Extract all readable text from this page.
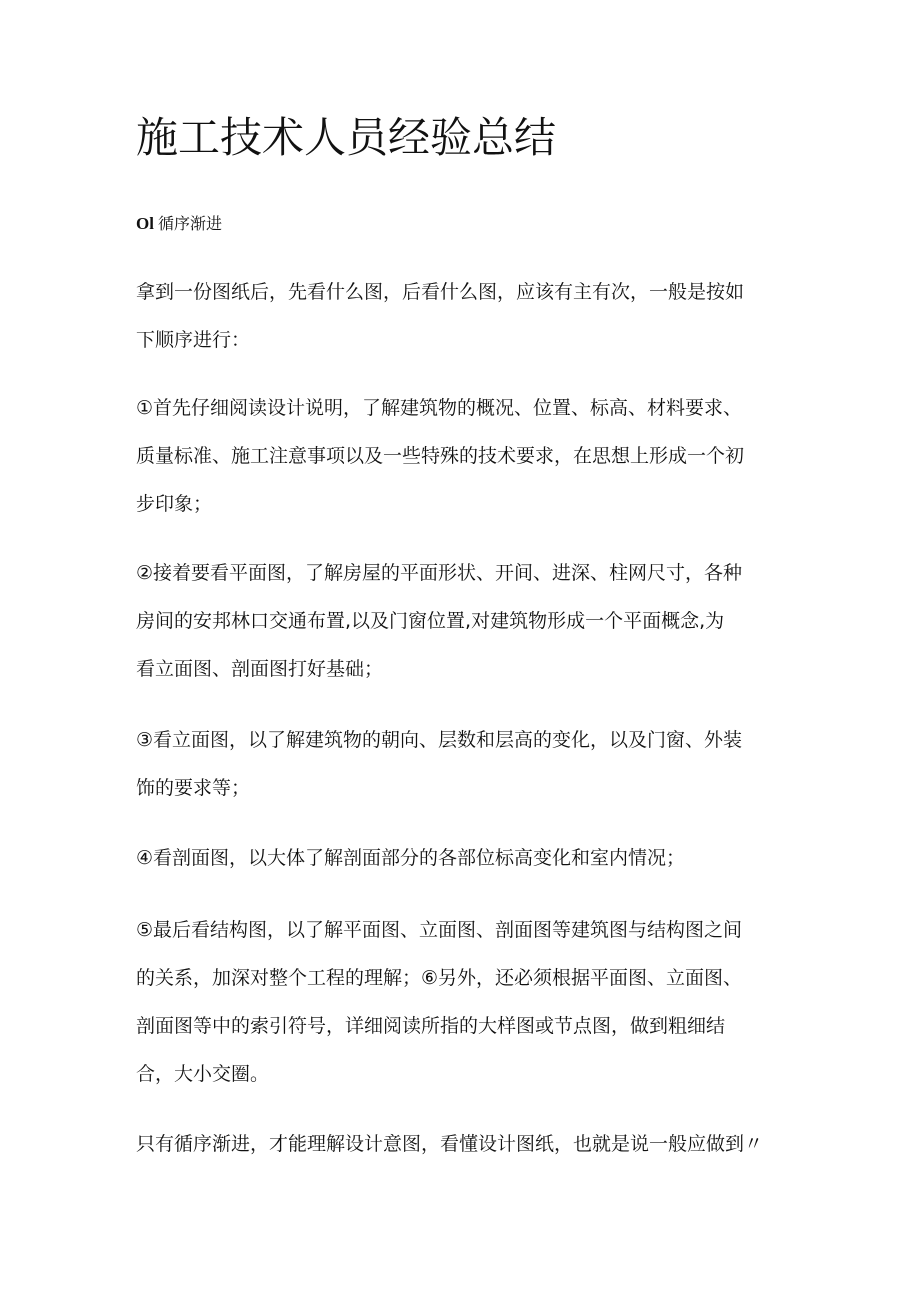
施工技术人员经验总结

Ol 循序渐进

拿到一份图纸后，先看什么图，后看什么图，应该有主有次，一般是按如
下顺序进行：

①首先仔细阅读设计说明，了解建筑物的概况、位置、标高、材料要求、
质量标准、施工注意事项以及一些特殊的技术要求，在思想上形成一个初
步印象；

②接着要看平面图，了解房屋的平面形状、开间、进深、柱网尺寸，各种
房间的安邦林口交通布置,以及门窗位置,对建筑物形成一个平面概念,为
看立面图、剖面图打好基础；

③看立面图，以了解建筑物的朝向、层数和层高的变化，以及门窗、外装
饰的要求等；

④看剖面图，以大体了解剖面部分的各部位标高变化和室内情况；

⑤最后看结构图，以了解平面图、立面图、剖面图等建筑图与结构图之间
的关系，加深对整个工程的理解；⑥另外，还必须根据平面图、立面图、
剖面图等中的索引符号，详细阅读所指的大样图或节点图，做到粗细结
合，大小交圈。

只有循序渐进，才能理解设计意图，看懂设计图纸，也就是说一般应做到〃
